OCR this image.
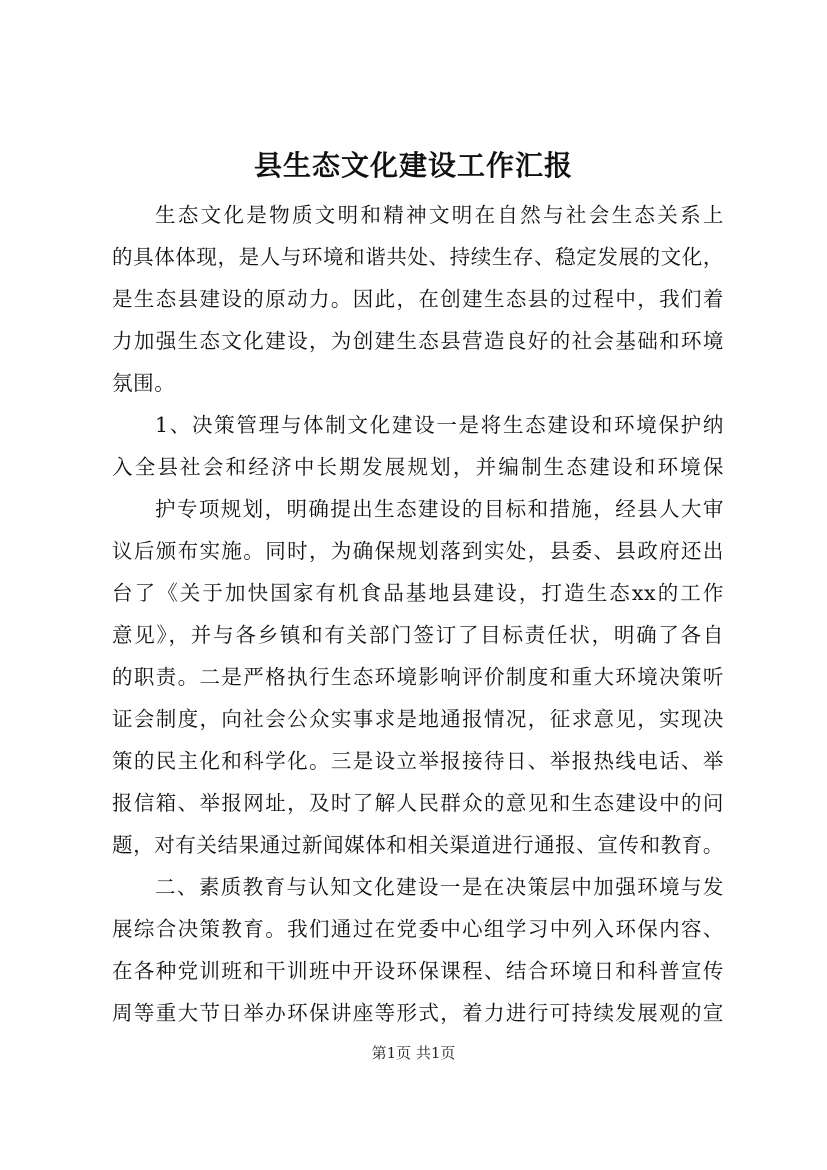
县生态文化建设工作汇报
生态文化是物质文明和精神文明在自然与社会生态关系上
的具体体现，是人与环境和谐共处、持续生存、稳定发展的文化，
是生态县建设的原动力。因此，在创建生态县的过程中，我们着
力加强生态文化建设，为创建生态县营造良好的社会基础和环境
氛围。
1、决策管理与体制文化建设一是将生态建设和环境保护纳
入全县社会和经济中长期发展规划，并编制生态建设和环境保
护专项规划，明确提出生态建设的目标和措施，经县人大审
议后颁布实施。同时，为确保规划落到实处，县委、县政府还出
台了《关于加快国家有机食品基地县建设，打造生态xx的工作
意见》，并与各乡镇和有关部门签订了目标责任状，明确了各自
的职责。二是严格执行生态环境影响评价制度和重大环境决策听
证会制度，向社会公众实事求是地通报情况，征求意见，实现决
策的民主化和科学化。三是设立举报接待日、举报热线电话、举
报信箱、举报网址，及时了解人民群众的意见和生态建设中的问
题，对有关结果通过新闻媒体和相关渠道进行通报、宣传和教育。
二、素质教育与认知文化建设一是在决策层中加强环境与发
展综合决策教育。我们通过在党委中心组学习中列入环保内容、
在各种党训班和干训班中开设环保课程、结合环境日和科普宣传
周等重大节日举办环保讲座等形式，着力进行可持续发展观的宣
第1页 共1页
